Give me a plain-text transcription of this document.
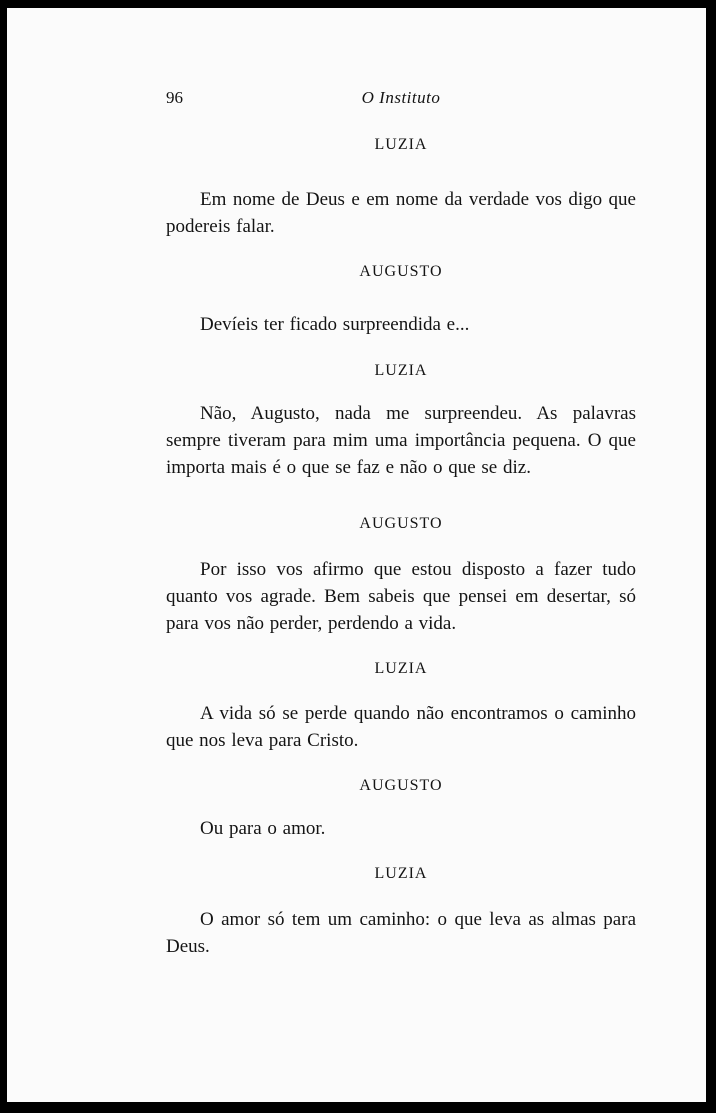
96	O Instituto
LUZIA

Em nome de Deus e em nome da verdade vos digo que podereis falar.

AUGUSTO

Devíeis ter ficado surpreendida e...

LUZIA

Não, Augusto, nada me surpreendeu. As palavras sempre tiveram para mim uma importância pequena. O que importa mais é o que se faz e não o que se diz.

AUGUSTO

Por isso vos afirmo que estou disposto a fazer tudo quanto vos agrade. Bem sabeis que pensei em desertar, só para vos não perder, perdendo a vida.

LUZIA

A vida só se perde quando não encontramos o caminho que nos leva para Cristo.

AUGUSTO

Ou para o amor.

LUZIA

O amor só tem um caminho: o que leva as almas para Deus.
